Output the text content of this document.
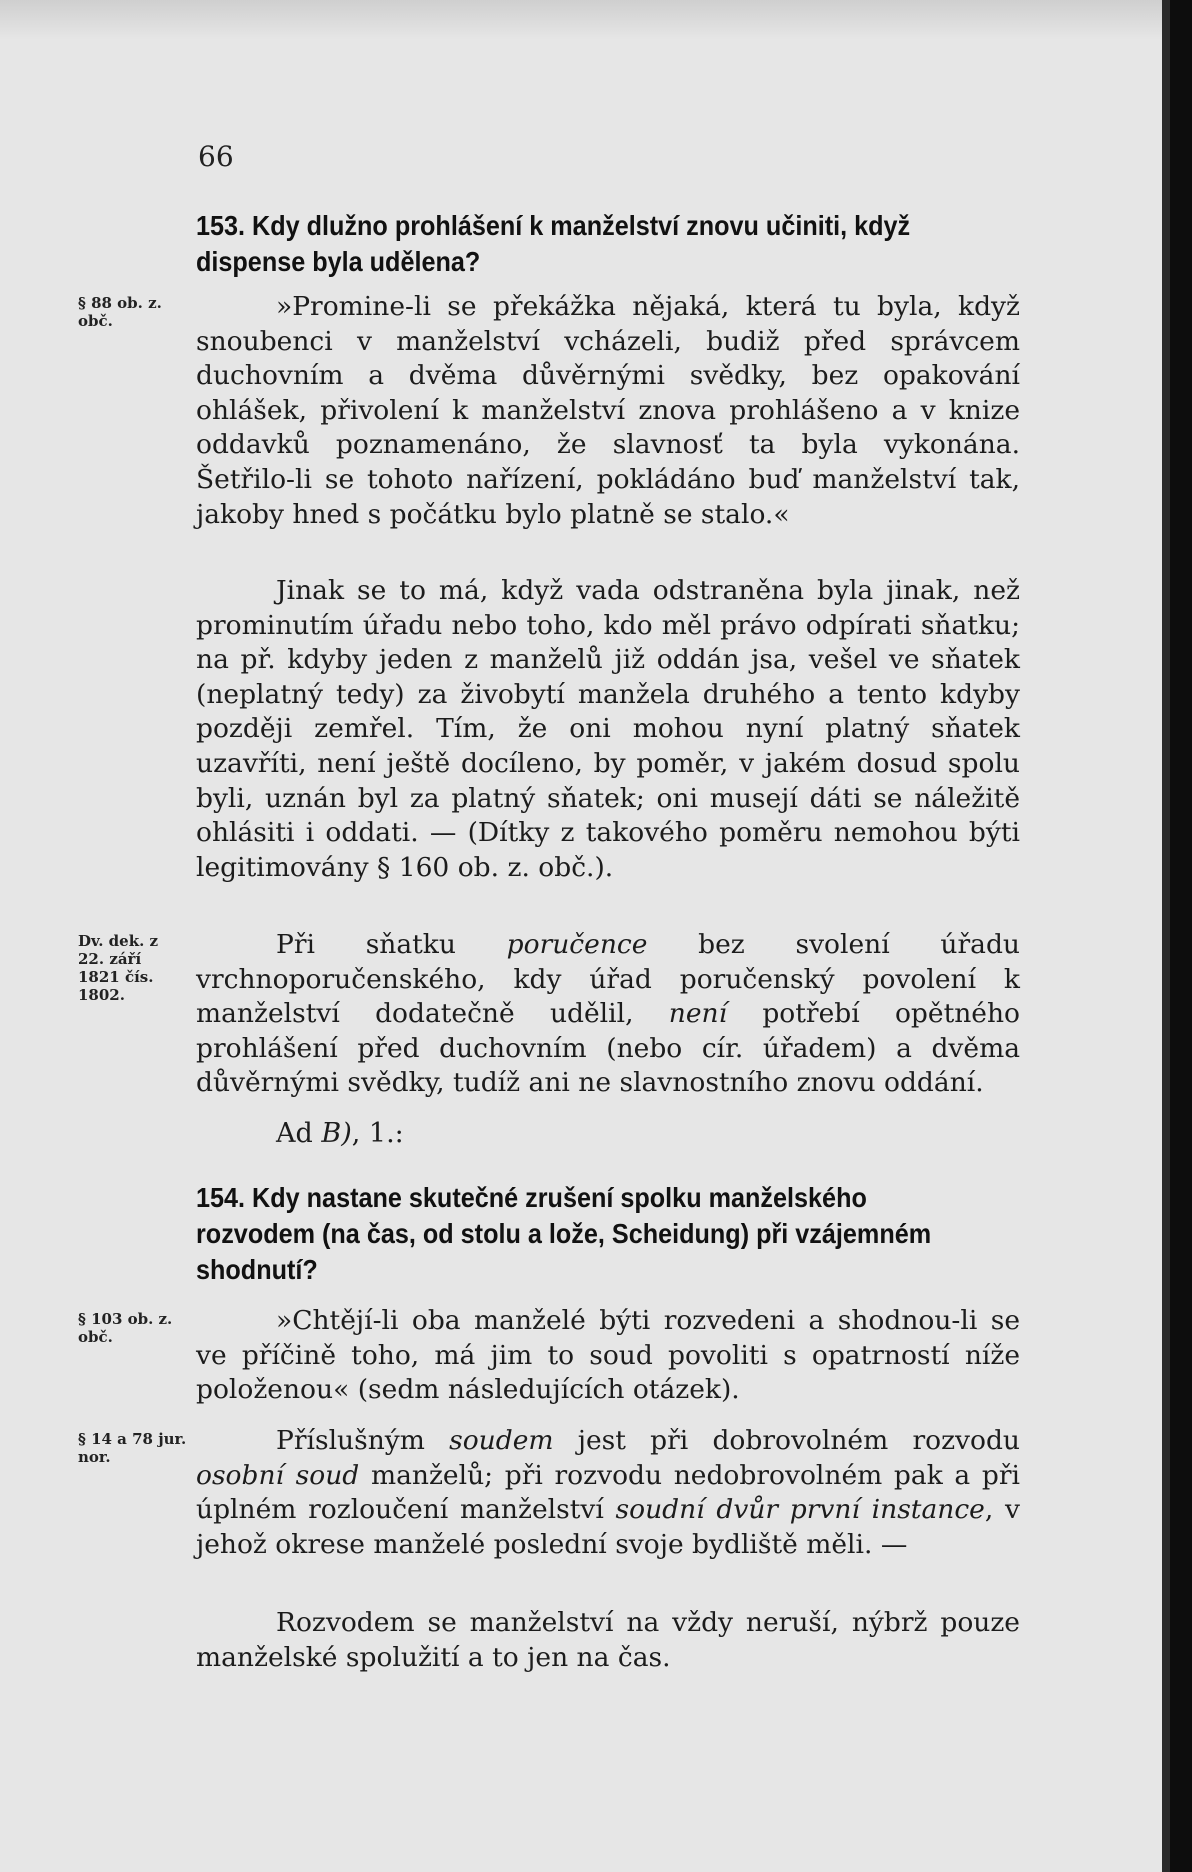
66
153. Kdy dlužno prohlášení k manželství znovu učiniti, když dispense byla udělena?
§ 88 ob. z. obč.	»Promine-li se překážka nějaká, která tu byla, když snoubenci v manželství vcházeli, budiž před správcem duchovním a dvěma důvěrnými svědky, bez opakování ohlášek, přivolení k manželství znova prohlášeno a v knize oddavků poznamenáno, že slavnosť ta byla vykonána. Šetřilo-li se tohoto nařízení, pokládáno buď manželství tak, jakoby hned s počátku bylo platně se stalo.«
Jinak se to má, když vada odstraněna byla jinak, než prominutím úřadu nebo toho, kdo měl právo odpírati sňatku; na př. kdyby jeden z manželů již oddán jsa, vešel ve sňatek (neplatný tedy) za živobytí manžela druhého a tento kdyby později zemřel. Tím, že oni mohou nyní platný sňatek uzavříti, není ještě docíleno, by poměr, v jakém dosud spolu byli, uznán byl za platný sňatek; oni musejí dáti se náležitě ohlásiti i oddati. — (Dítky z takového poměru nemohou býti legitimovány § 160 ob. z. obč.).
Dv. dek. z 22. září 1821 čís. 1802.
Při sňatku poručence bez svolení úřadu vrchnoporučenského, kdy úřad poručenský povolení k manželství dodatečně udělil, není potřebí opětného prohlášení před duchovním (nebo cír. úřadem) a dvěma důvěrnými svědky, tudíž ani ne slavnostního znovu oddání.
Ad B), 1.:
154. Kdy nastane skutečné zrušení spolku manželského rozvodem (na čas, od stolu a lože, Scheidung) při vzájemném shodnutí?
§ 103 ob. z. obč.
»Chtějí-li oba manželé býti rozvedeni a shodnou-li se ve příčině toho, má jim to soud povoliti s opatrností níže položenou« (sedm následujících otázek).
§ 14 a 78 jur. nor.
Příslušným soudem jest při dobrovolném rozvodu osobní soud manželů; při rozvodu nedobrovolném pak a při úplném rozloučení manželství soudní dvůr první instance, v jehož okrese manželé poslední svoje bydliště měli. —
Rozvodem se manželství na vždy neruší, nýbrž pouze manželské spolužití a to jen na čas.
